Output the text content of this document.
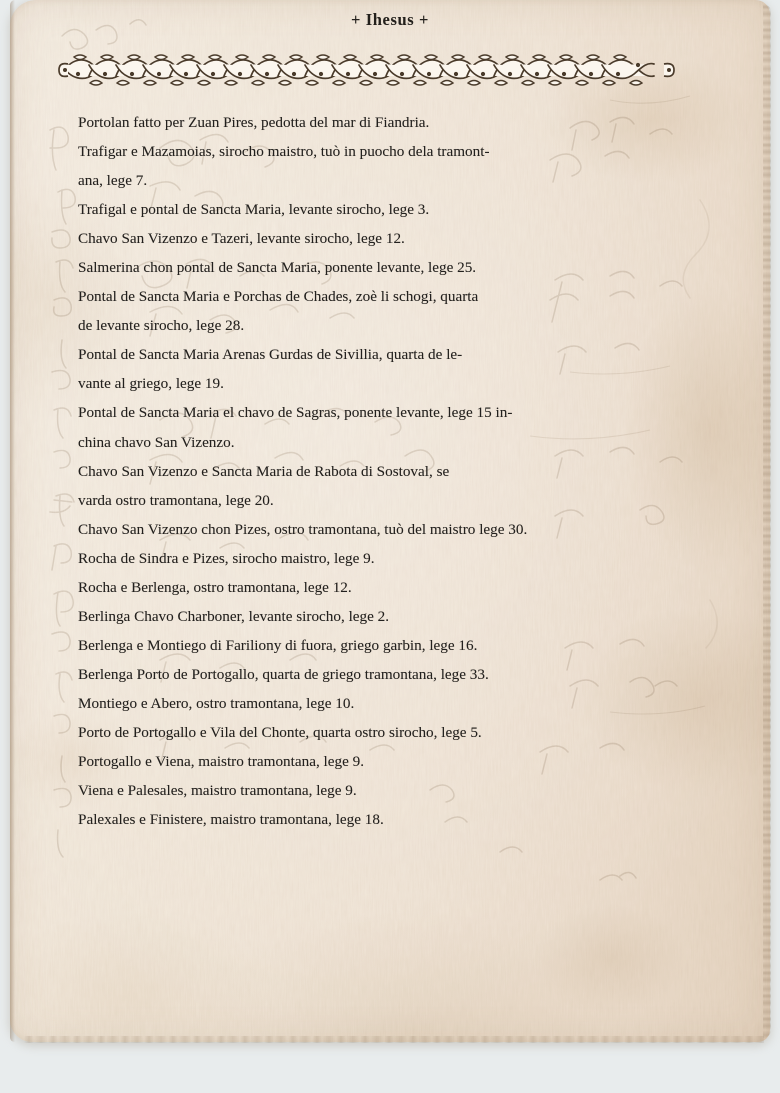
+ Ihesus +
Portolan fatto per Zuan Pires, pedotta del mar di Fiandria.
Trafigar e Mazamoias, sirocho maistro, tuò in puocho dela tramont-
ana, lege 7.
Trafigal e pontal de Sancta Maria, levante sirocho, lege 3.
Chavo San Vizenzo e Tazeri, levante sirocho, lege 12.
Salmerina chon pontal de Sancta Maria, ponente levante, lege 25.
Pontal de Sancta Maria e Porchas de Chades, zoè li schogi, quarta
de levante sirocho, lege 28.
Pontal de Sancta Maria Arenas Gurdas de Sivillia, quarta de le-
vante al griego, lege 19.
Pontal de Sancta Maria el chavo de Sagras, ponente levante, lege 15 in-
china chavo San Vizenzo.
Chavo San Vizenzo e Sancta Maria de Rabota di Sostoval, se
varda ostro tramontana, lege 20.
Chavo San Vizenzo chon Pizes, ostro tramontana, tuò del maistro lege 30.
Rocha de Sindra e Pizes, sirocho maistro, lege 9.
Rocha e Berlenga, ostro tramontana, lege 12.
Berlinga Chavo Charboner, levante sirocho, lege 2.
Berlenga e Montiego di Fariliony di fuora, griego garbin, lege 16.
Berlenga Porto de Portogallo, quarta de griego tramontana, lege 33.
Montiego e Abero, ostro tramontana, lege 10.
Porto de Portogallo e Vila del Chonte, quarta ostro sirocho, lege 5.
Portogallo e Viena, maistro tramontana, lege 9.
Viena e Palesales, maistro tramontana, lege 9.
Palexales e Finistere, maistro tramontana, lege 18.
